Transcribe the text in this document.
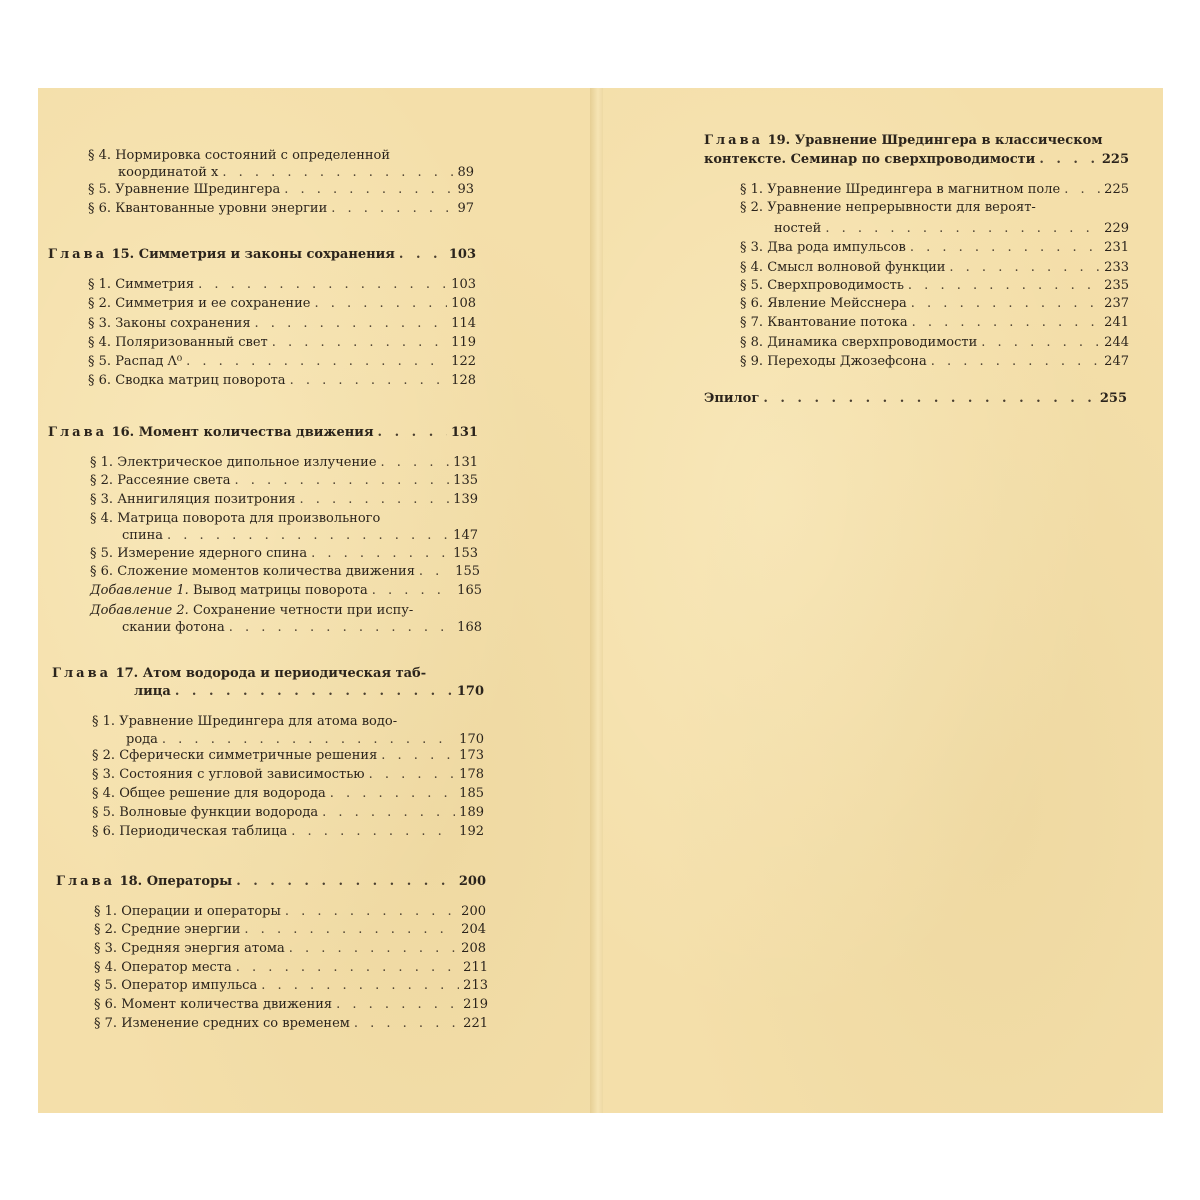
§ 4. Нормировка состояний с определенной
координатой x . . .	89
§ 5. Уравнение Шредингера . . .	93
§ 6. Квантованные уровни энергии . . .	97
Глава 15. Симметрия и законы сохранения . . .	103
§ 1. Симметрия . . .	103
§ 2. Симметрия и ее сохранение . . .	108
§ 3. Законы сохранения . . .	114
§ 4. Поляризованный свет . . .	119
§ 5. Распад Λ⁰ . . .	122
§ 6. Сводка матриц поворота . . .	128
Глава 16. Момент количества движения . . .	131
§ 1. Электрическое дипольное излучение . . .	131
§ 2. Рассеяние света . . .	135
§ 3. Аннигиляция позитрония . . .	139
§ 4. Матрица поворота для произвольного
спина . . .	147
§ 5. Измерение ядерного спина . . .	153
§ 6. Сложение моментов количества движения . . .	155
Добавление 1. Вывод матрицы поворота . . .	165
Добавление 2. Сохранение четности при испу-
скании фотона . . .	168
Глава 17. Атом водорода и периодическая таб-
лица . . .	170
§ 1. Уравнение Шредингера для атома водо-
рода . . .	170
§ 2. Сферически симметричные решения . . .	173
§ 3. Состояния с угловой зависимостью . . .	178
§ 4. Общее решение для водорода . . .	185
§ 5. Волновые функции водорода . . .	189
§ 6. Периодическая таблица . . .	192
Глава 18. Операторы . . .	200
§ 1. Операции и операторы . . .	200
§ 2. Средние энергии . . .	204
§ 3. Средняя энергия атома . . .	208
§ 4. Оператор места . . .	211
§ 5. Оператор импульса . . .	213
§ 6. Момент количества движения . . .	219
§ 7. Изменение средних со временем . . .	221
Глава 19. Уравнение Шредингера в классическом
контексте. Семинар по сверхпроводимости . . .	225
§ 1. Уравнение Шредингера в магнитном поле . . .	225
§ 2. Уравнение непрерывности для вероят-
ностей . . .	229
§ 3. Два рода импульсов . . .	231
§ 4. Смысл волновой функции . . .	233
§ 5. Сверхпроводимость . . .	235
§ 6. Явление Мейсснера . . .	237
§ 7. Квантование потока . . .	241
§ 8. Динамика сверхпроводимости . . .	244
§ 9. Переходы Джозефсона . . .	247
Эпилог . . .	255
